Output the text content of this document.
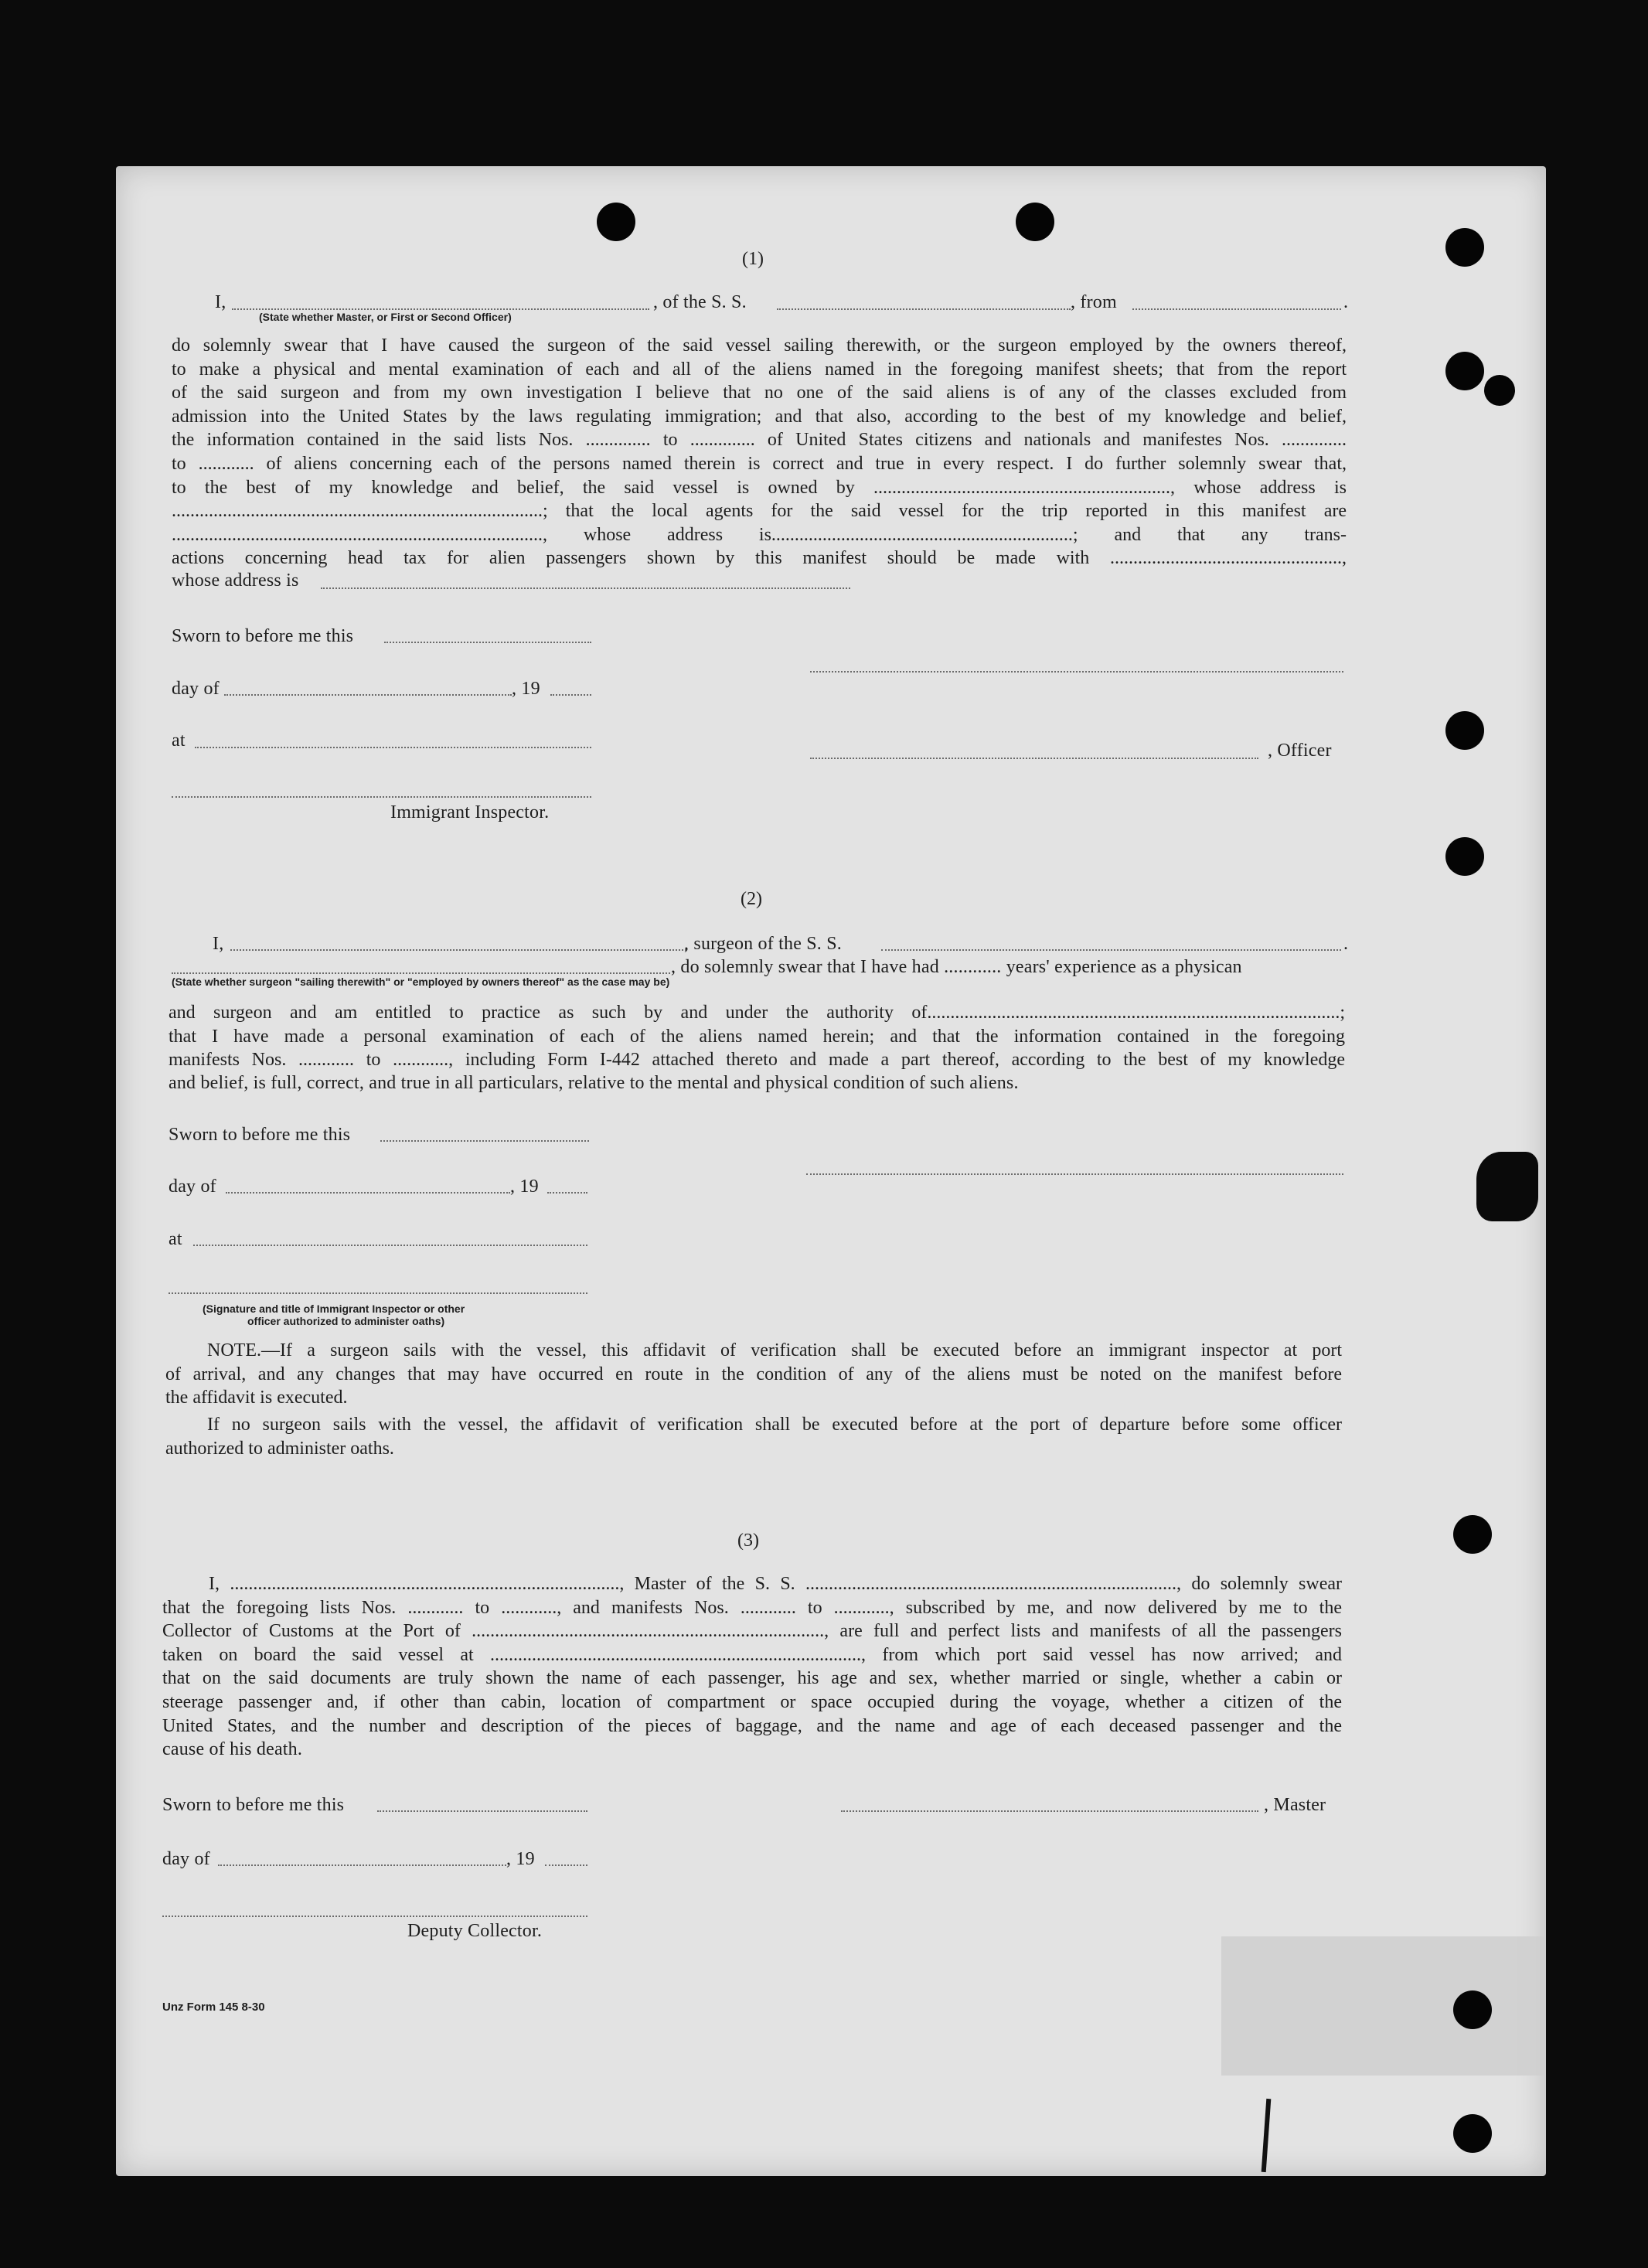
(1)
I,	, of the S. S.	, from	.
(State whether Master, or First or Second Officer)
do solemnly swear that I have caused the surgeon of the said vessel sailing therewith, or the surgeon employed by the owners thereof,
to make a physical and mental examination of each and all of the aliens named in the foregoing manifest sheets; that from the report
of the said surgeon and from my own investigation I believe that no one of the said aliens is of any of the classes excluded from
admission into the United States by the laws regulating immigration; and that also, according to the best of my knowledge and belief,
the information contained in the said lists Nos. .............. to .............. of United States citizens and nationals and manifestes Nos. ..............
to ............ of aliens concerning each of the persons named therein is correct and true in every respect. I do further solemnly swear that,
to the best of my knowledge and belief, the said vessel is owned by ................................................................, whose address is
................................................................................; that the local agents for the said vessel for the trip reported in this manifest are
................................................................................, whose address is.................................................................; and that any trans-
actions concerning head tax for alien passengers shown by this manifest should be made with ..................................................,
whose address is
Sworn to before me this
day of	, 19
at	, Officer
Immigrant Inspector.
(2)
I,	, surgeon of the S. S.	.
, do solemnly swear that I have had ............ years' experience as a physican
(State whether surgeon "sailing therewith" or "employed by owners thereof" as the case may be)
and surgeon and am entitled to practice as such by and under the authority of.........................................................................................;
that I have made a personal examination of each of the aliens named herein; and that the information contained in the foregoing
manifests Nos. ............ to ............, including Form I-442 attached thereto and made a part thereof, according to the best of my knowledge
and belief, is full, correct, and true in all particulars, relative to the mental and physical condition of such aliens.
Sworn to before me this
day of	, 19
at
(Signature and title of Immigrant Inspector or other
officer authorized to administer oaths)
NOTE.—If a surgeon sails with the vessel, this affidavit of verification shall be executed before an immigrant inspector at port
of arrival, and any changes that may have occurred en route in the condition of any of the aliens must be noted on the manifest before
the affidavit is executed.
If no surgeon sails with the vessel, the affidavit of verification shall be executed before at the port of departure before some officer
authorized to administer oaths.
(3)
I, ...................................................................................., Master of the S. S. ................................................................................, do solemnly swear
that the foregoing lists Nos. ............ to ............, and manifests Nos. ............ to ............, subscribed by me, and now delivered by me to the
Collector of Customs at the Port of ............................................................................, are full and perfect lists and manifests of all the passengers
taken on board the said vessel at ................................................................................, from which port said vessel has now arrived; and
that on the said documents are truly shown the name of each passenger, his age and sex, whether married or single, whether a cabin or
steerage passenger and, if other than cabin, location of compartment or space occupied during the voyage, whether a citizen of the
United States, and the number and description of the pieces of baggage, and the name and age of each deceased passenger and the
cause of his death.
Sworn to before me this	, Master
day of	, 19
Deputy Collector.
Unz Form 145 8-30
